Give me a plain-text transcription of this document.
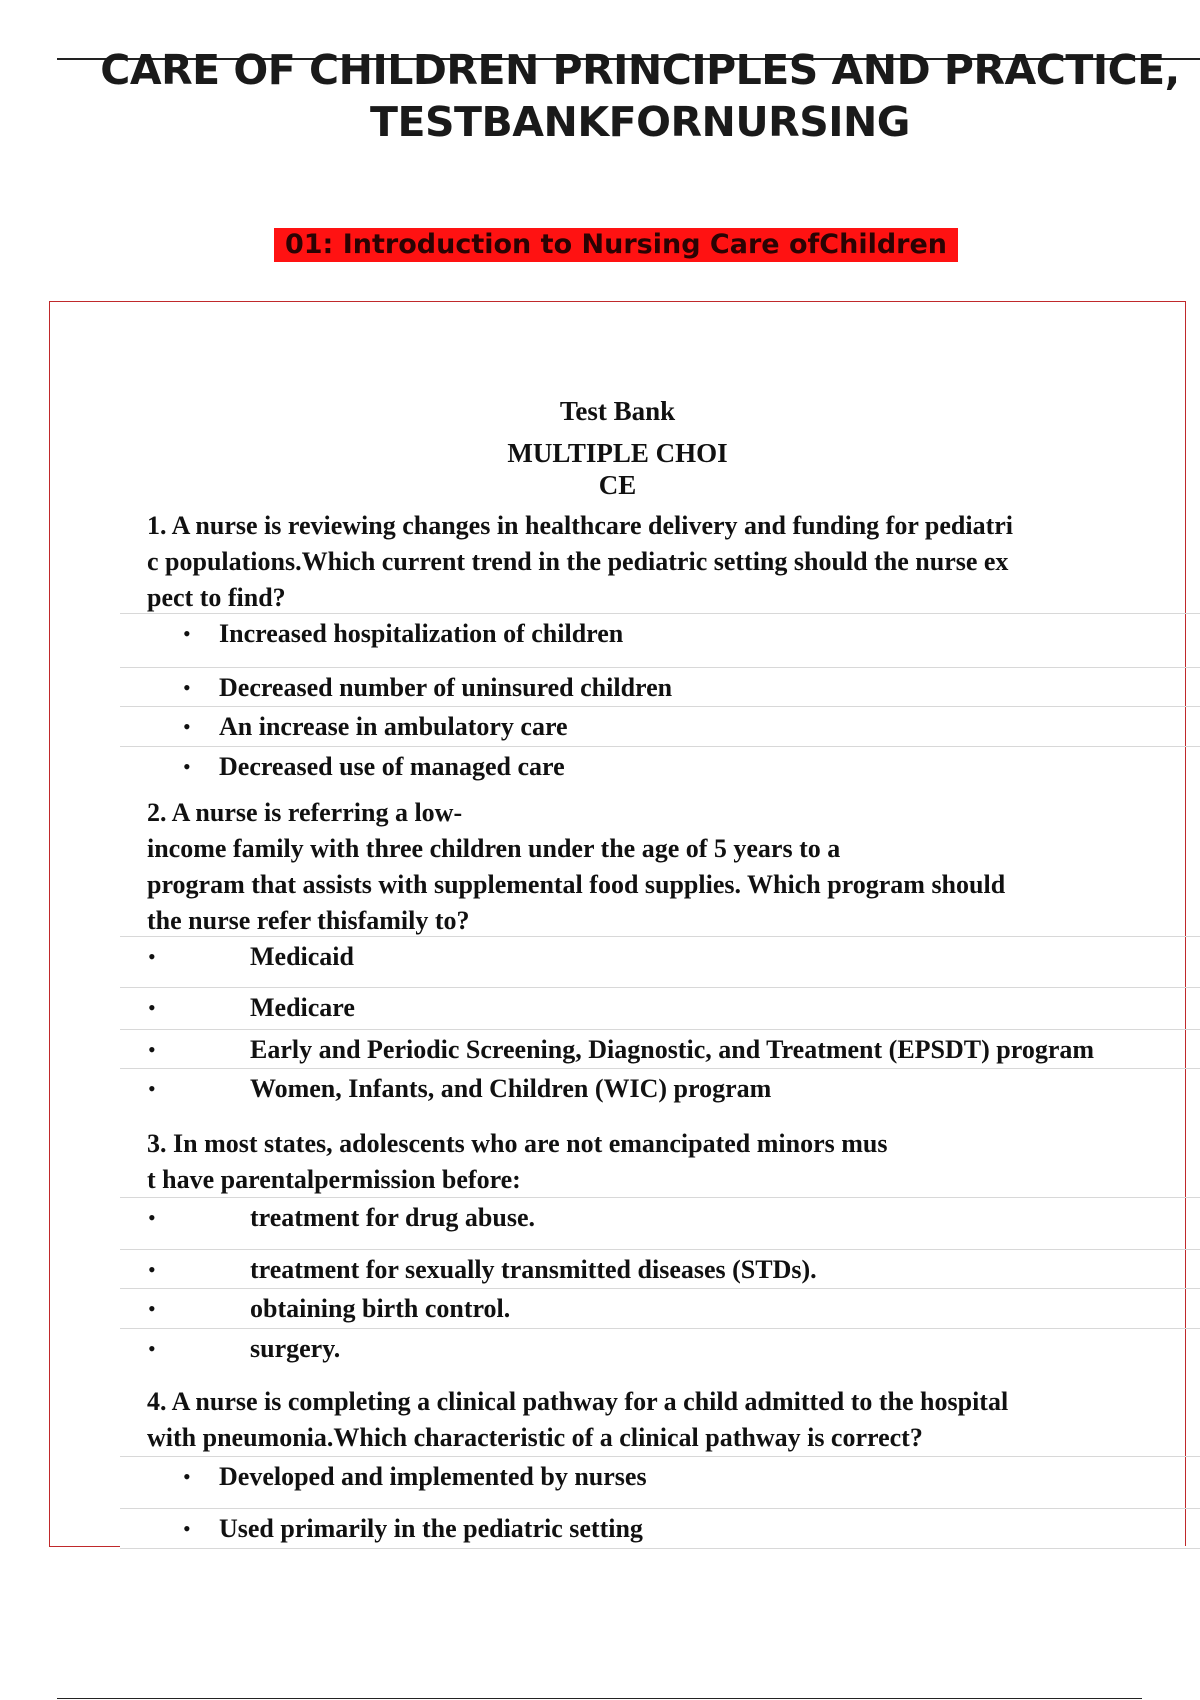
CARE OF CHILDREN PRINCIPLES AND PRACTICE,
TESTBANKFORNURSING
01: Introduction to Nursing Care ofChildren

Test Bank

MULTIPLE CHOI

CE

1. A nurse is reviewing changes in healthcare delivery and funding for pediatri
c populations.Which current trend in the pediatric setting should the nurse ex
pect to find?
• Increased hospitalization of children
• Decreased number of uninsured children
• An increase in ambulatory care
• Decreased use of managed care
2. A nurse is referring a low-
income family with three children under the age of 5 years to a
program that assists with supplemental food supplies. Which program should
the nurse refer thisfamily to?
•	Medicaid
•	Medicare
•	Early and Periodic Screening, Diagnostic, and Treatment (EPSDT) program
•	Women, Infants, and Children (WIC) program
3. In most states, adolescents who are not emancipated minors mus
t have parentalpermission before:
•	treatment for drug abuse.
•	treatment for sexually transmitted diseases (STDs).
•	obtaining birth control.
•	surgery.
4. A nurse is completing a clinical pathway for a child admitted to the hospital
with pneumonia.Which characteristic of a clinical pathway is correct?
• Developed and implemented by nurses
• Used primarily in the pediatric setting
